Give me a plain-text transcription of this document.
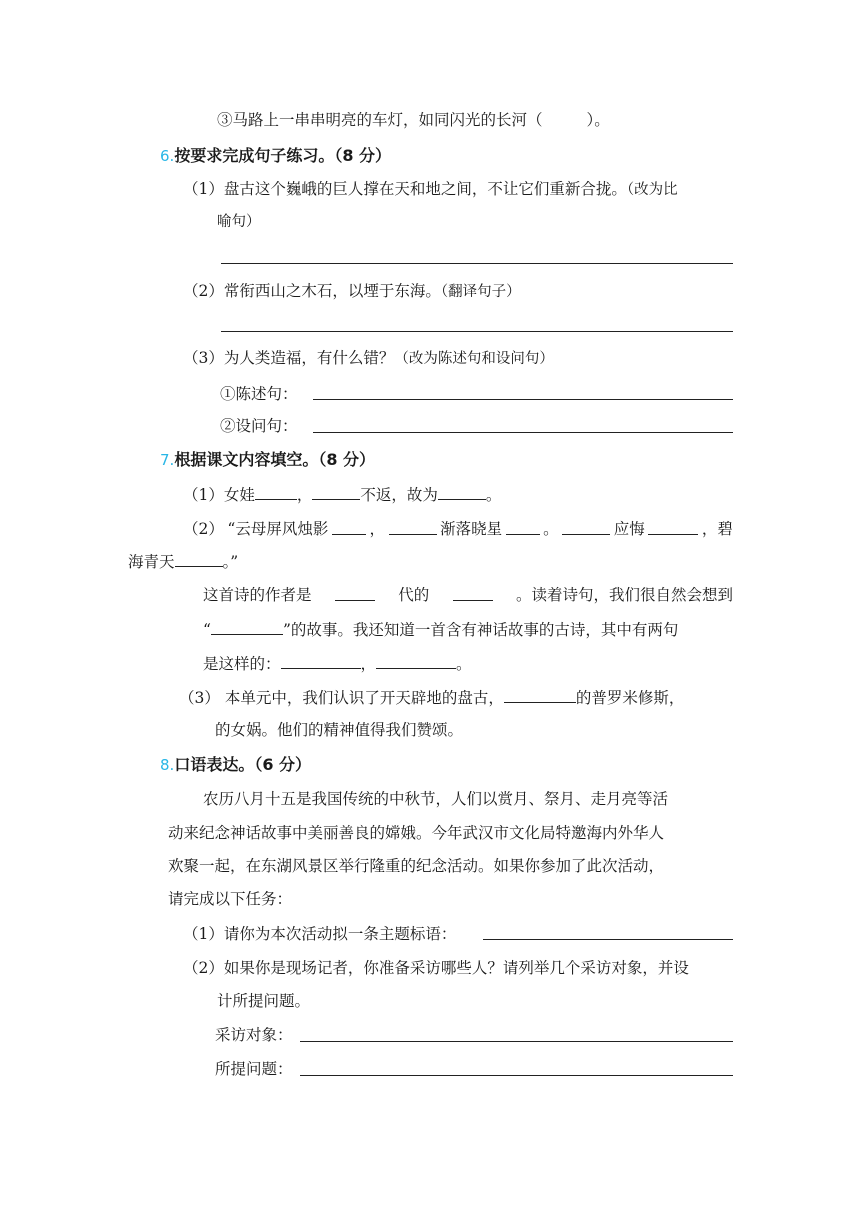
③马路上一串串明亮的车灯，如同闪光的长河（	）。
6.按要求完成句子练习。（8 分）
（1）盘古这个巍峨的巨人撑在天和地之间，不让它们重新合拢。（改为比
喻句）
（2）常衔西山之木石，以堙于东海。（翻译句子）
（3）为人类造福，有什么错？（改为陈述句和设问句）
①陈述句：
②设问句：
7.根据课文内容填空。（8 分）
（1）女娃	，	不返，故为	。
（2） “云母屏风烛影	，	渐落晓星	。	应悔	，碧
海青天	。”
这首诗的作者是	代的	。读着诗句，我们很自然会想到
“	”的故事。我还知道一首含有神话故事的古诗，其中有两句
是这样的：	，	。
（3） 本单元中，我们认识了开天辟地的盘古，	的普罗米修斯，
的女娲。他们的精神值得我们赞颂。
8.口语表达。（6 分）
农历八月十五是我国传统的中秋节，人们以赏月、祭月、走月亮等活
动来纪念神话故事中美丽善良的嫦娥。今年武汉市文化局特邀海内外华人
欢聚一起，在东湖风景区举行隆重的纪念活动。如果你参加了此次活动，
请完成以下任务：
（1）请你为本次活动拟一条主题标语：
（2）如果你是现场记者，你准备采访哪些人？请列举几个采访对象，并设
计所提问题。
采访对象：
所提问题：
